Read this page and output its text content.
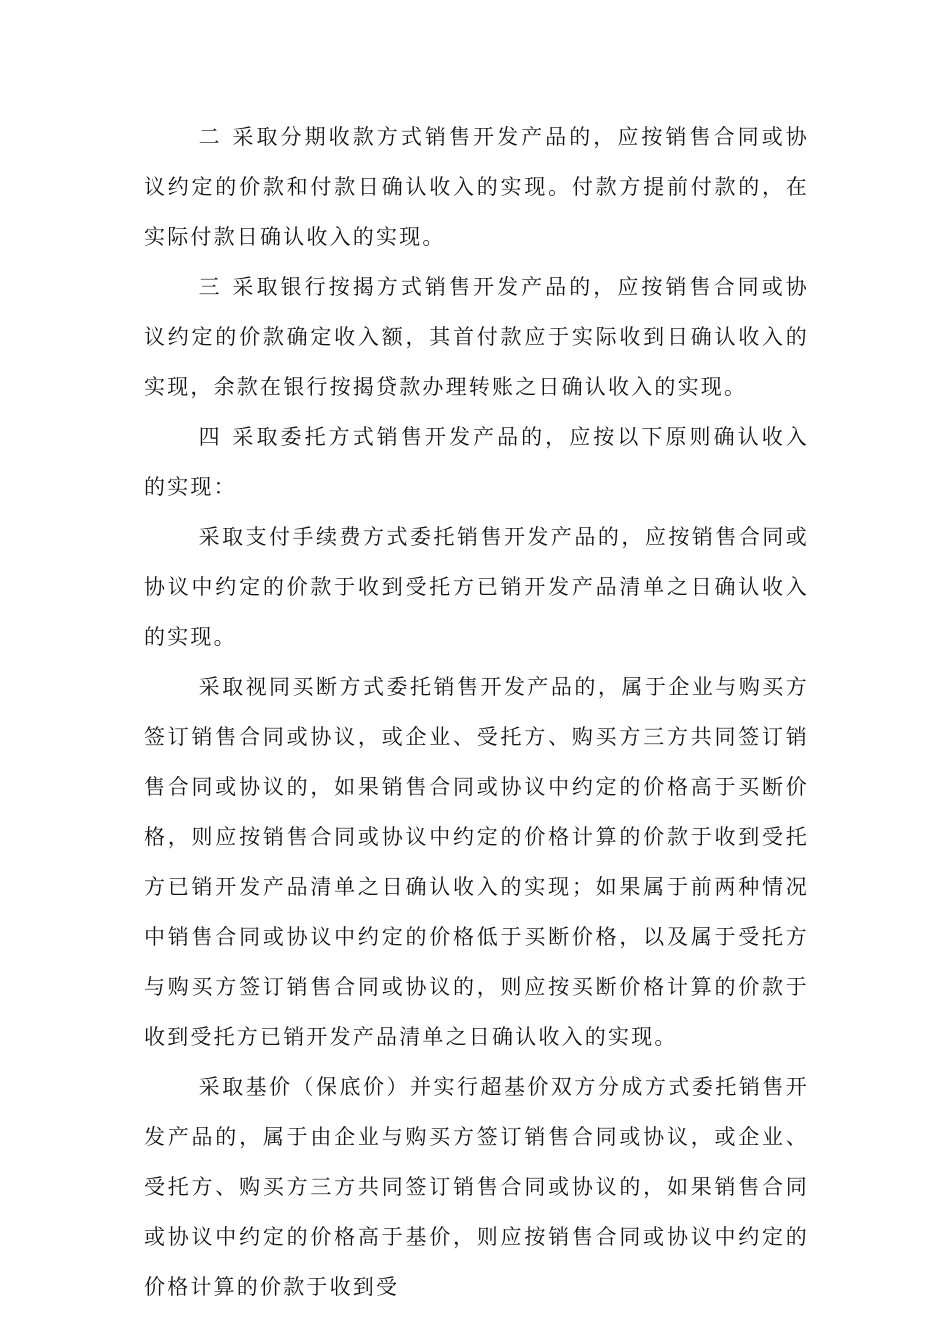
二 采取分期收款方式销售开发产品的，应按销售合同或协议约定的价款和付款日确认收入的实现。付款方提前付款的，在实际付款日确认收入的实现。

三 采取银行按揭方式销售开发产品的，应按销售合同或协议约定的价款确定收入额，其首付款应于实际收到日确认收入的实现，余款在银行按揭贷款办理转账之日确认收入的实现。

四 采取委托方式销售开发产品的，应按以下原则确认收入的实现：

采取支付手续费方式委托销售开发产品的，应按销售合同或协议中约定的价款于收到受托方已销开发产品清单之日确认收入的实现。

采取视同买断方式委托销售开发产品的，属于企业与购买方签订销售合同或协议，或企业、受托方、购买方三方共同签订销售合同或协议的，如果销售合同或协议中约定的价格高于买断价格，则应按销售合同或协议中约定的价格计算的价款于收到受托方已销开发产品清单之日确认收入的实现；如果属于前两种情况中销售合同或协议中约定的价格低于买断价格，以及属于受托方与购买方签订销售合同或协议的，则应按买断价格计算的价款于收到受托方已销开发产品清单之日确认收入的实现。

采取基价（保底价）并实行超基价双方分成方式委托销售开发产品的，属于由企业与购买方签订销售合同或协议，或企业、受托方、购买方三方共同签订销售合同或协议的，如果销售合同或协议中约定的价格高于基价，则应按销售合同或协议中约定的价格计算的价款于收到受
